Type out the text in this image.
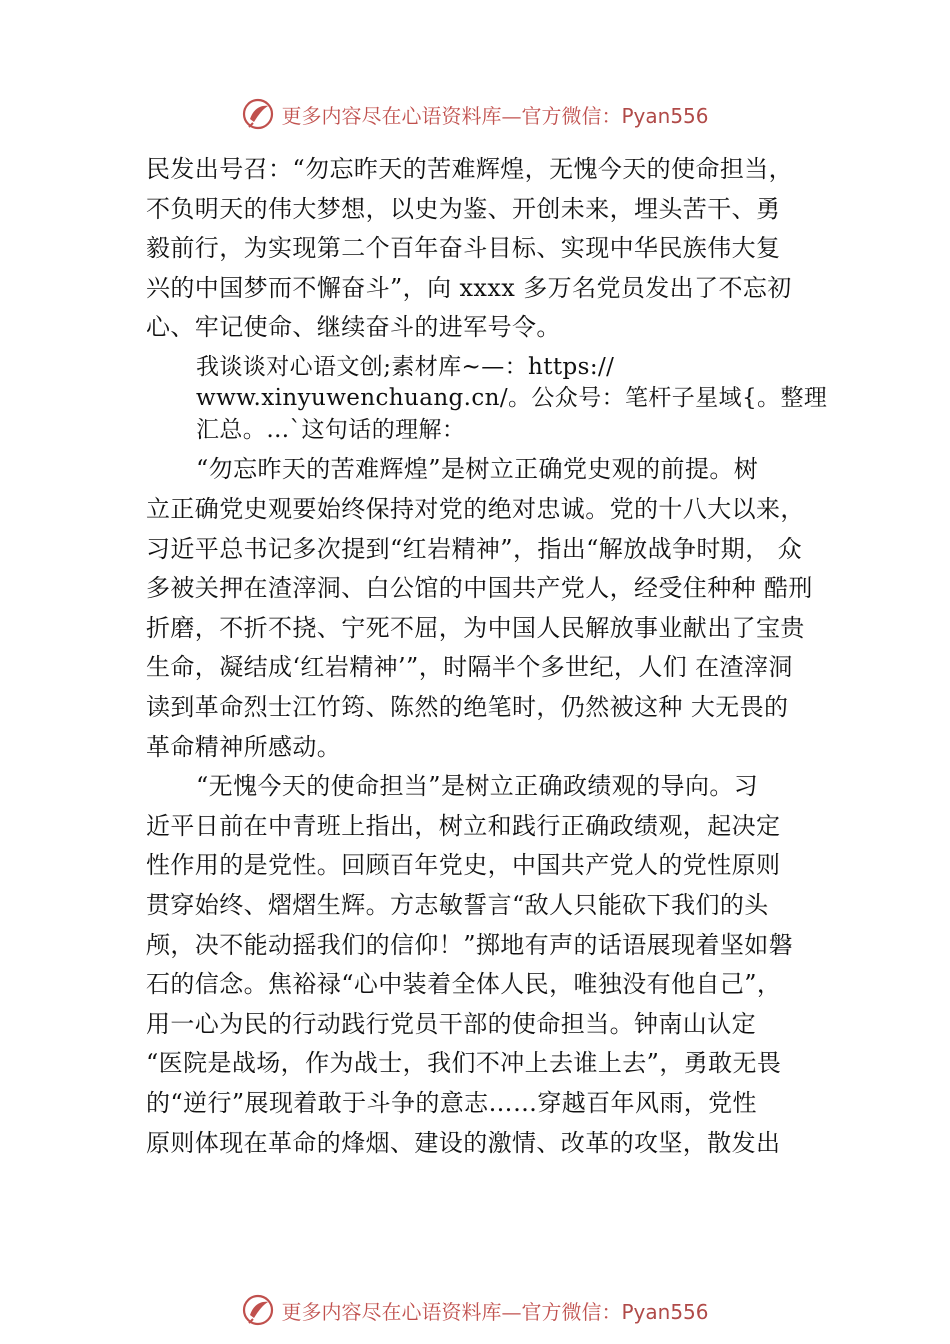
更多内容尽在心语资料库—官方微信：Pyan556
民发出号召：“勿忘昨天的苦难辉煌，无愧今天的使命担当，
不负明天的伟大梦想，以史为鉴、开创未来，埋头苦干、勇
毅前行，为实现第二个百年奋斗目标、实现中华民族伟大复
兴的中国梦而不懈奋斗”，向 xxxx 多万名党员发出了不忘初
心、牢记使命、继续奋斗的进军号令。
我谈谈对心语文创;素材库~—：https://
www.xinyuwenchuang.cn/。公众号：笔杆子星域{。整理
汇总。…`这句话的理解：
“勿忘昨天的苦难辉煌”是树立正确党史观的前提。树
立正确党史观要始终保持对党的绝对忠诚。党的十八大以来，
习近平总书记多次提到“红岩精神”，指出“解放战争时期， 众
多被关押在渣滓洞、白公馆的中国共产党人，经受住种种 酷刑
折磨，不折不挠、宁死不屈，为中国人民解放事业献出了宝贵
生命，凝结成‘红岩精神’”，时隔半个多世纪，人们 在渣滓洞
读到革命烈士江竹筠、陈然的绝笔时，仍然被这种 大无畏的
革命精神所感动。
“无愧今天的使命担当”是树立正确政绩观的导向。习
近平日前在中青班上指出，树立和践行正确政绩观，起决定
性作用的是党性。回顾百年党史，中国共产党人的党性原则
贯穿始终、熠熠生辉。方志敏誓言“敌人只能砍下我们的头
颅，决不能动摇我们的信仰！”掷地有声的话语展现着坚如磐
石的信念。焦裕禄“心中装着全体人民，唯独没有他自己”，
用一心为民的行动践行党员干部的使命担当。钟南山认定
“医院是战场，作为战士，我们不冲上去谁上去”，勇敢无畏
的“逆行”展现着敢于斗争的意志……穿越百年风雨，党性
原则体现在革命的烽烟、建设的激情、改革的攻坚，散发出
更多内容尽在心语资料库—官方微信：Pyan556
